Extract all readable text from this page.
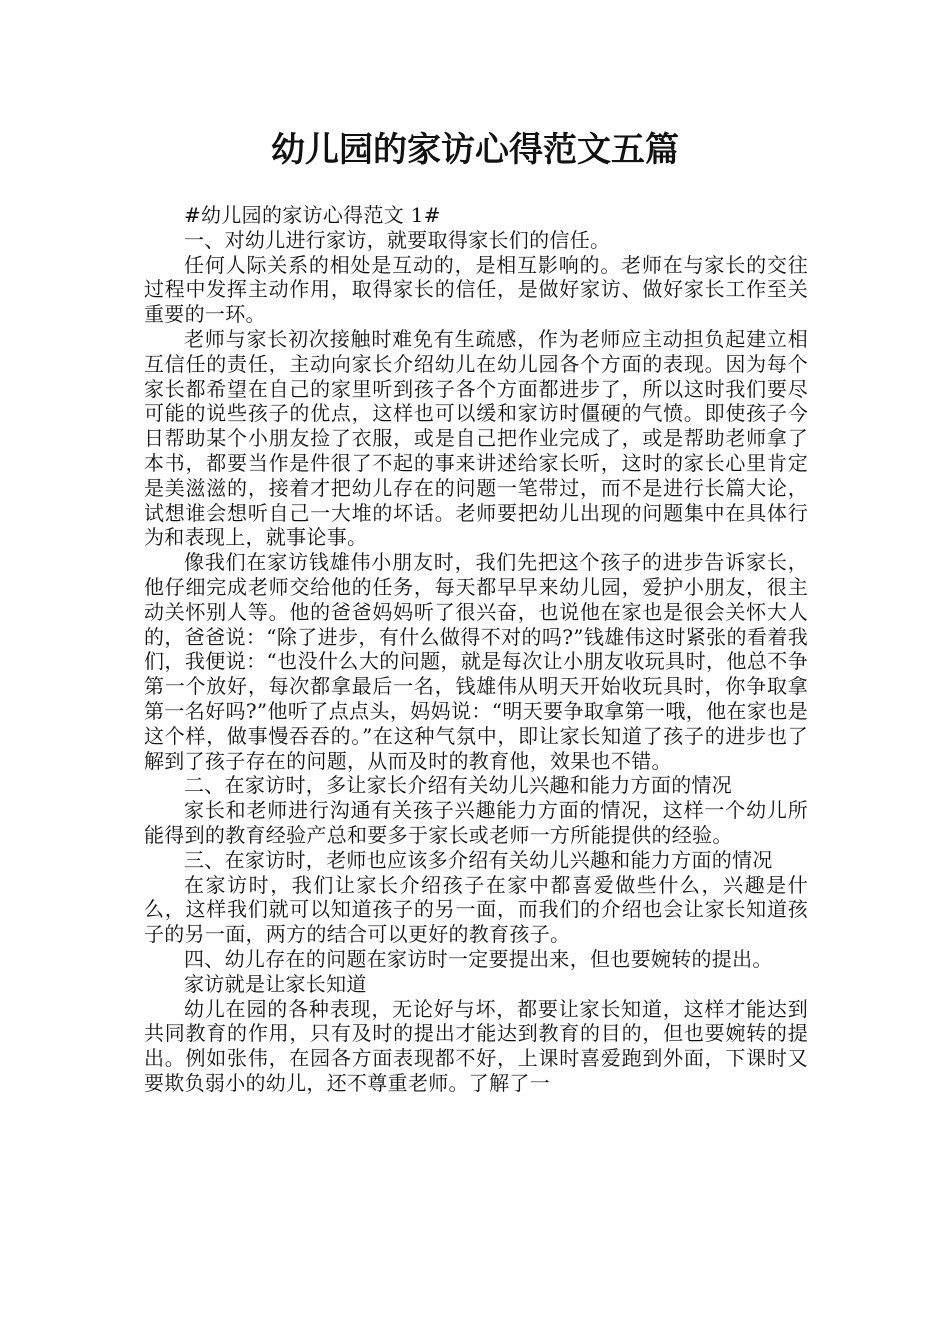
幼儿园的家访心得范文五篇

#幼儿园的家访心得范文 1#

一、对幼儿进行家访，就要取得家长们的信任。

任何人际关系的相处是互动的，是相互影响的。老师在与家长的交往过程中发挥主动作用，取得家长的信任，是做好家访、做好家长工作至关重要的一环。

老师与家长初次接触时难免有生疏感，作为老师应主动担负起建立相互信任的责任，主动向家长介绍幼儿在幼儿园各个方面的表现。因为每个家长都希望在自己的家里听到孩子各个方面都进步了，所以这时我们要尽可能的说些孩子的优点，这样也可以缓和家访时僵硬的气愤。即使孩子今日帮助某个小朋友捡了衣服，或是自己把作业完成了，或是帮助老师拿了本书，都要当作是件很了不起的事来讲述给家长听，这时的家长心里肯定是美滋滋的，接着才把幼儿存在的问题一笔带过，而不是进行长篇大论，试想谁会想听自己一大堆的坏话。老师要把幼儿出现的问题集中在具体行为和表现上，就事论事。

像我们在家访钱雄伟小朋友时，我们先把这个孩子的进步告诉家长，他仔细完成老师交给他的任务，每天都早早来幼儿园，爱护小朋友，很主动关怀别人等。他的爸爸妈妈听了很兴奋，也说他在家也是很会关怀大人的，爸爸说：“除了进步，有什么做得不对的吗?”钱雄伟这时紧张的看着我们，我便说：“也没什么大的问题，就是每次让小朋友收玩具时，他总不争第一个放好，每次都拿最后一名，钱雄伟从明天开始收玩具时，你争取拿第一名好吗?”他听了点点头，妈妈说：“明天要争取拿第一哦，他在家也是这个样，做事慢吞吞的。”在这种气氛中，即让家长知道了孩子的进步也了解到了孩子存在的问题，从而及时的教育他，效果也不错。

二、在家访时，多让家长介绍有关幼儿兴趣和能力方面的情况

家长和老师进行沟通有关孩子兴趣能力方面的情况，这样一个幼儿所能得到的教育经验产总和要多于家长或老师一方所能提供的经验。

三、在家访时，老师也应该多介绍有关幼儿兴趣和能力方面的情况

在家访时，我们让家长介绍孩子在家中都喜爱做些什么，兴趣是什么，这样我们就可以知道孩子的另一面，而我们的介绍也会让家长知道孩子的另一面，两方的结合可以更好的教育孩子。

四、幼儿存在的问题在家访时一定要提出来，但也要婉转的提出。

家访就是让家长知道

幼儿在园的各种表现，无论好与坏，都要让家长知道，这样才能达到共同教育的作用，只有及时的提出才能达到教育的目的，但也要婉转的提出。例如张伟，在园各方面表现都不好，上课时喜爱跑到外面，下课时又要欺负弱小的幼儿，还不尊重老师。了解了一
